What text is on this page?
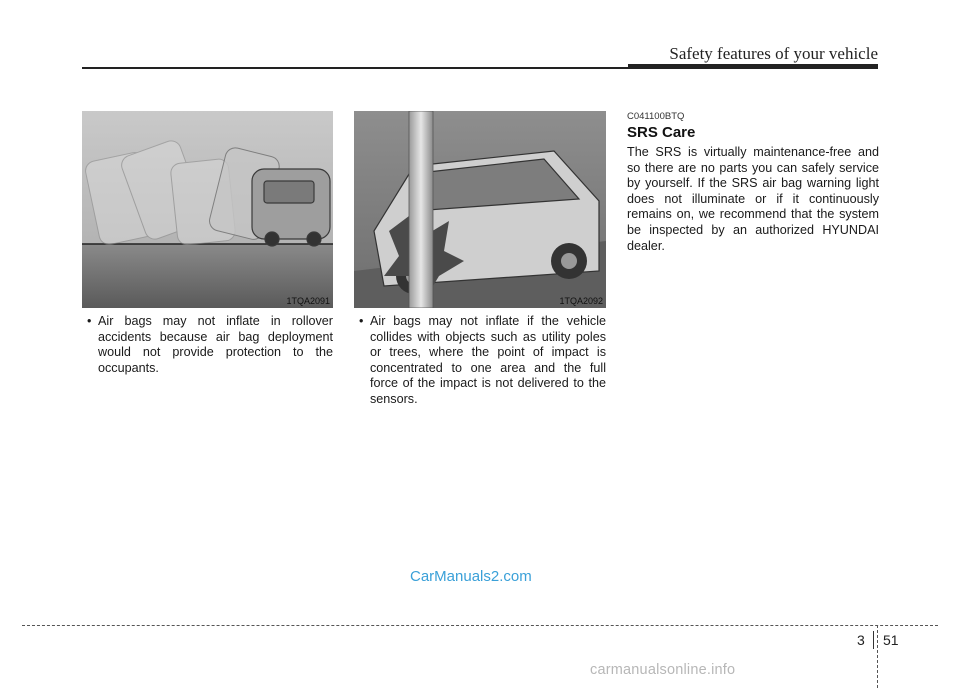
Safety features of your vehicle
1TQA2091	1TQA2092
• Air bags may not inflate in rollover accidents because air bag deployment would not provide protection to the occupants.
• Air bags may not inflate if the vehicle collides with objects such as utility poles or trees, where the point of impact is concentrated to one area and the full force of the impact is not delivered to the sensors.
C041100BTQ
SRS Care
The SRS is virtually maintenance-free and so there are no parts you can safely service by yourself. If the SRS air bag warning light does not illuminate or if it continuously remains on, we recommend that the system be inspected by an authorized HYUNDAI dealer.
CarManuals2.com
3 51
carmanualsonline.info
